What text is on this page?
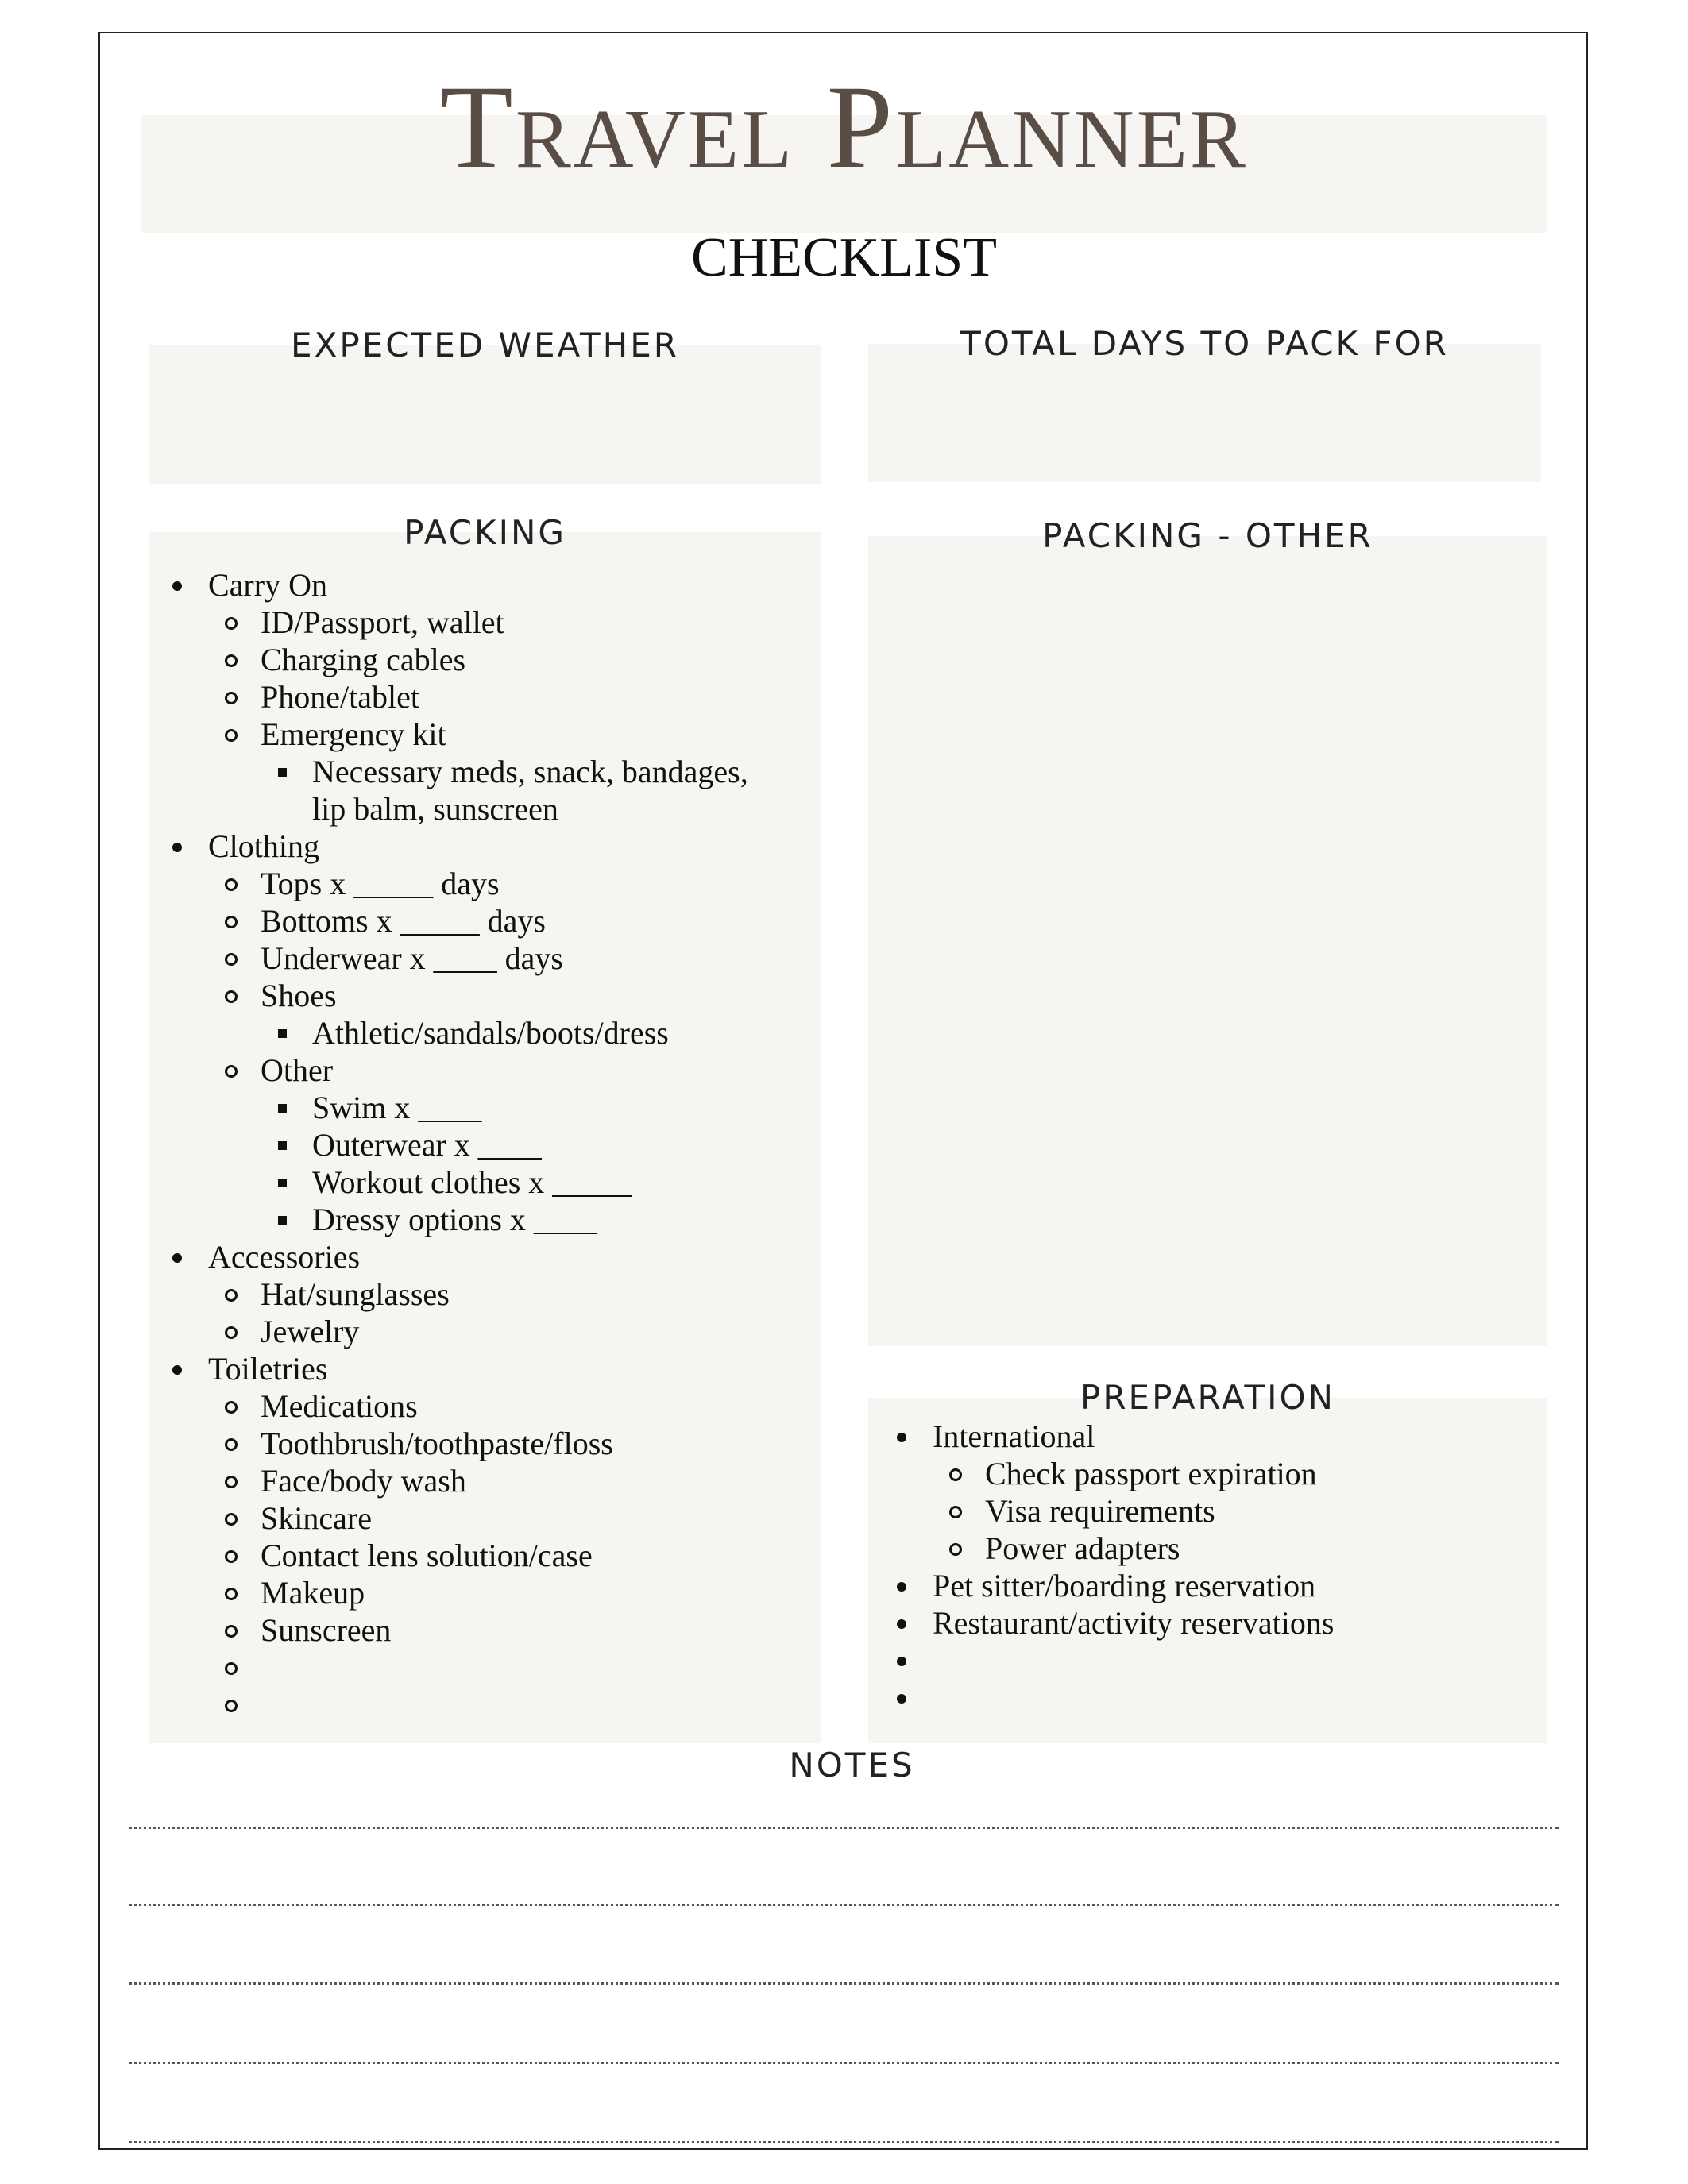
Travel Planner
CHECKLIST
EXPECTED WEATHER	TOTAL DAYS TO PACK FOR
PACKING
Carry On
ID/Passport, wallet
Charging cables
Phone/tablet
Emergency kit
Necessary meds, snack, bandages, lip balm, sunscreen
Clothing
Tops x _____ days
Bottoms x _____ days
Underwear x ____ days
Shoes
Athletic/sandals/boots/dress
Other
Swim x ____
Outerwear x ____
Workout clothes x _____
Dressy options x ____
Accessories
Hat/sunglasses
Jewelry
Toiletries
Medications
Toothbrush/toothpaste/floss
Face/body wash
Skincare
Contact lens solution/case
Makeup
Sunscreen

PACKING - OTHER
PREPARATION
International
Check passport expiration
Visa requirements
Power adapters
Pet sitter/boarding reservation
Restaurant/activity reservations

NOTES
